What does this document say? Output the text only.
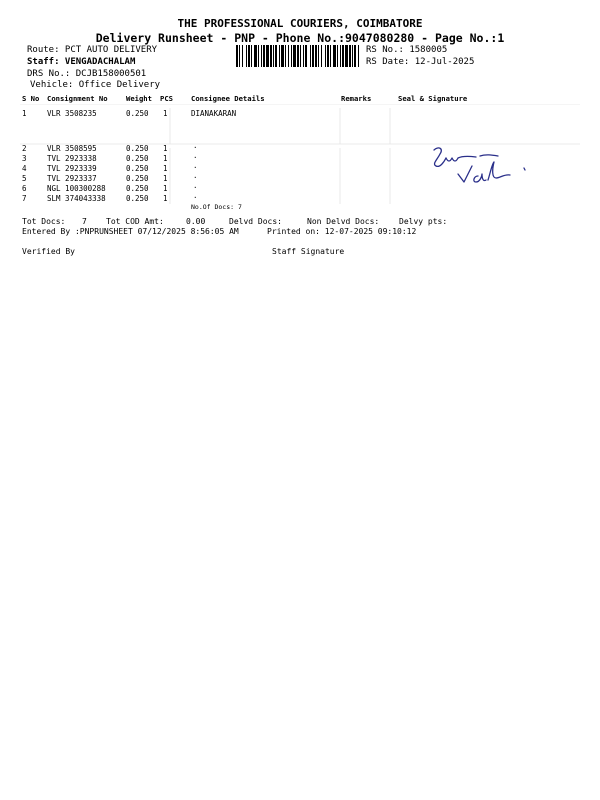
THE PROFESSIONAL COURIERS, COIMBATORE
Delivery Runsheet - PNP - Phone No.:9047080280 - Page No.:1
Route: PCT AUTO DELIVERY
Staff: VENGADACHALAM
DRS No.: DCJB158000501
Vehicle: Office Delivery
RS No.: 1580005
RS Date: 12-Jul-2025
S No Consignment No	Weight PCS	Consignee Details	Remarks	Seal & Signature
1	VLR 3508235	0.250 1	DIANAKARAN
2	VLR 3508595	0.250 1	.
3	TVL 2923338	0.250 1	.
4	TVL 2923339	0.250 1	.
5	TVL 2923337	0.250 1	.
6	NGL 100300288	0.250 1	.
7	SLM 374043338	0.250 1	.
No.Of Docs: 7
Tot Docs: 7 Tot COD Amt:	0.00	Delvd Docs:	Non Delvd Docs: Delvy pts:
Entered By :PNPRUNSHEET 07/12/2025 8:56:05 AM	Printed on: 12-07-2025 09:10:12
Verified By	Staff Signature
